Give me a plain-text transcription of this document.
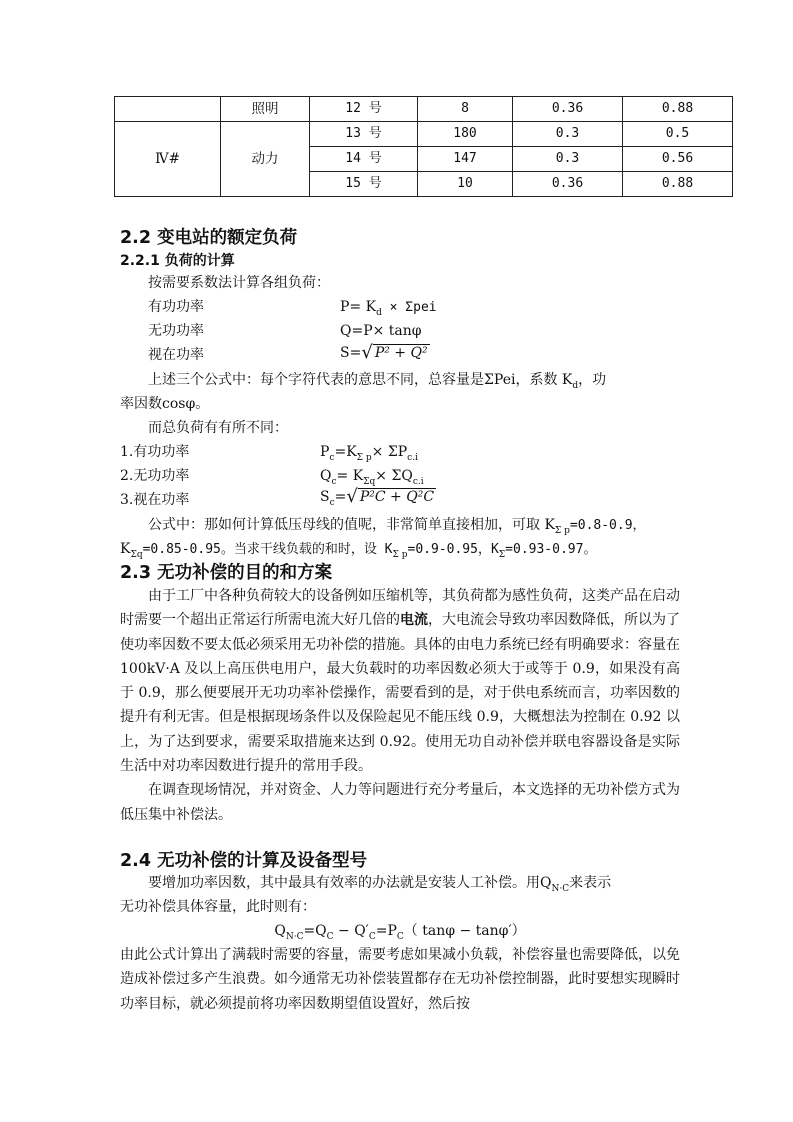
	照明	12 号	8	0.36	0.88
Ⅳ#	动力	13 号	180	0.3	0.5
		14 号	147	0.3	0.56
		15 号	10	0.36	0.88
2.2 变电站的额定负荷
2.2.1 负荷的计算
按需要系数法计算各组负荷：
有功功率	$P= K_d \times \Sigma pei$
无功功率	Q=P× tanφ
视在功率	S=√ P² + Q²
上述三个公式中：每个字符代表的意思不同，总容量是ΣPei，系数 $K_d$，功
率因数cosφ。
而总负荷有有所不同：
1.有功功率	$P_c=K_{\Sigma p}\times \Sigma P_{c.i}$
2.无功功率	$Q_c= K_{\Sigma q}\times \Sigma Q_{c.i}$
3.视在功率	$S_c=√$ P²C + Q²C
公式中：那如何计算低压母线的值呢，非常简单直接相加，可取 $K_{\Sigma p}=0.8-0.9$，
$K_{\Sigma q}=0.85-0.95$。当求干线负载的和时，设 $K_{\Sigma p}=0.9-0.95$，$K_\Sigma=0.93-0.97$。
2.3 无功补偿的目的和方案

由于工厂中各种负荷较大的设备例如压缩机等，其负荷都为感性负荷，这类产品在启动时需要一个超出正常运行所需电流大好几倍的电流，大电流会导致功率因数降低，所以为了使功率因数不要太低必须采用无功补偿的措施。具体的由电力系统已经有明确要求：容量在 100kV·A 及以上高压供电用户，最大负载时的功率因数必须大于或等于 0.9，如果没有高于 0.9，那么便要展开无功功率补偿操作，需要看到的是，对于供电系统而言，功率因数的提升有利无害。但是根据现场条件以及保险起见不能压线 0.9，大概想法为控制在 0.92 以上，为了达到要求，需要采取措施来达到 0.92。使用无功自动补偿并联电容器设备是实际生活中对功率因数进行提升的常用手段。

在调查现场情况，并对资金、人力等问题进行充分考量后，本文选择的无功补偿方式为低压集中补偿法。

2.4 无功补偿的计算及设备型号
要增加功率因数，其中最具有效率的办法就是安装人工补偿。用$Q_{N\cdot C}$来表示
无功补偿具体容量，此时则有：
$Q_{N\cdot C}=Q_C - Q'_C=P_C$（ tanφ − tanφ′）

由此公式计算出了满载时需要的容量，需要考虑如果减小负载，补偿容量也需要降低，以免造成补偿过多产生浪费。如今通常无功补偿装置都存在无功补偿控制器，此时要想实现瞬时功率目标，就必须提前将功率因数期望值设置好，然后按
